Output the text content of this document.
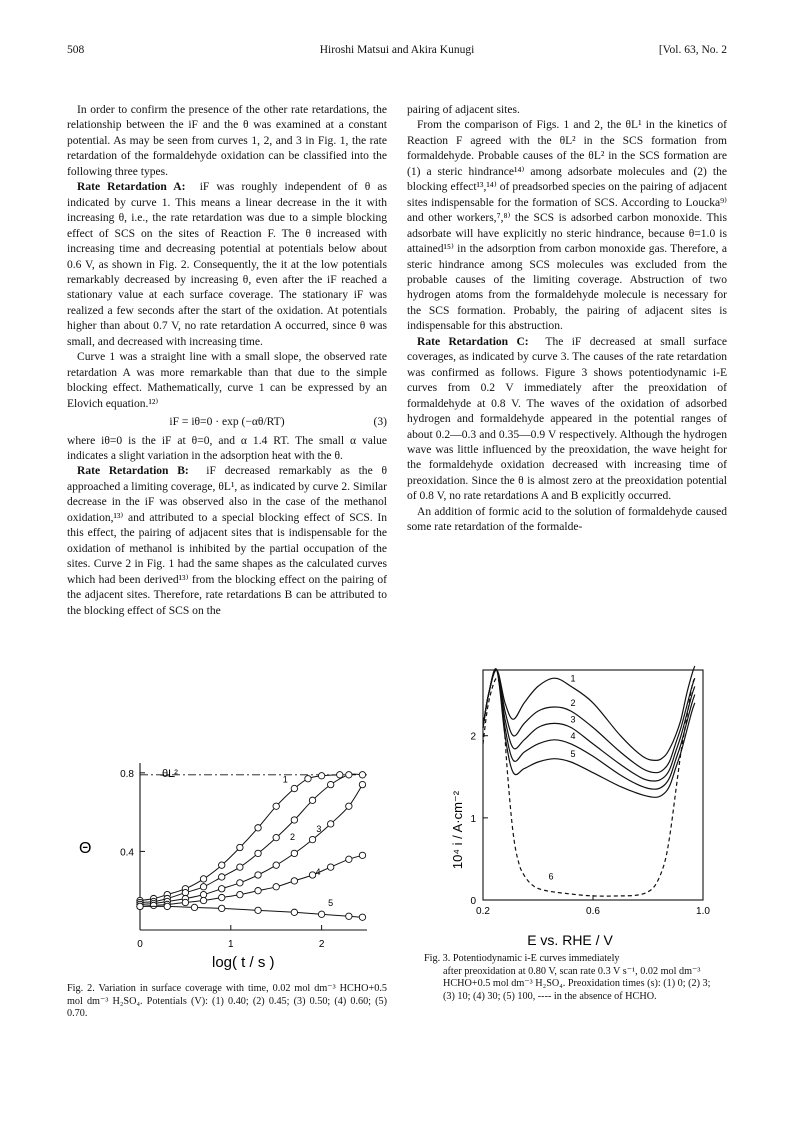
508	Hiroshi Matsui and Akira Kunugi	[Vol. 63, No. 2

In order to confirm the presence of the other rate retardations, the relationship between the iF and the θ was examined at a constant potential. As may be seen from curves 1, 2, and 3 in Fig. 1, the rate retardation of the formaldehyde oxidation can be classified into the following three types.

Rate Retardation A: iF was roughly independent of θ as indicated by curve 1. This means a linear decrease in the it with increasing θ, i.e., the rate retardation was due to a simple blocking effect of SCS on the sites of Reaction F. The θ increased with increasing time and decreasing potential at potentials below about 0.6 V, as shown in Fig. 2. Consequently, the it at the low potentials remarkably decreased by increasing θ, even after the iF reached a stationary value at each surface coverage. The stationary iF was realized a few seconds after the start of the oxidation. At potentials higher than about 0.7 V, no rate retardation A occurred, since θ was small, and decreased with increasing time.

Curve 1 was a straight line with a small slope, the observed rate retardation A was more remarkable than that due to the simple blocking effect. Mathematically, curve 1 can be expressed by an Elovich equation.¹²⁾

iF = iθ=0 · exp (−αθ/RT)	(3)

where iθ=0 is the iF at θ=0, and α 1.4 RT. The small α value indicates a slight variation in the adsorption heat with the θ.

Rate Retardation B: iF decreased remarkably as the θ approached a limiting coverage, θL¹, as indicated by curve 2. Similar decrease in the iF was observed also in the case of the methanol oxidation,¹³⁾ and attributed to a special blocking effect of SCS. In this effect, the pairing of adjacent sites that is indispensable for the oxidation of methanol is inhibited by the partial occupation of the sites. Curve 2 in Fig. 1 had the same shapes as the calculated curves which had been derived¹³⁾ from the blocking effect on the pairing of the adjacent sites. Therefore, rate retardations B can be attributed to the blocking effect of SCS on the

pairing of adjacent sites.

From the comparison of Figs. 1 and 2, the θL¹ in the kinetics of Reaction F agreed with the θL² in the SCS formation from formaldehyde. Probable causes of the θL² in the SCS formation are (1) a steric hindrance¹⁴⁾ among adsorbate molecules and (2) the blocking effect¹³,¹⁴⁾ of preadsorbed species on the pairing of adjacent sites indispensable for the formation of SCS. According to Loucka⁹⁾ and other workers,⁷,⁸⁾ the SCS is adsorbed carbon monoxide. This adsorbate will have explicitly no steric hindrance, because θ=1.0 is attained¹⁵⁾ in the adsorption from carbon monoxide gas. Therefore, a steric hindrance among SCS molecules was excluded from the probable causes of the limiting coverage. Abstruction of two hydrogen atoms from the formaldehyde molecule is necessary for the SCS formation. Probably, the pairing of adjacent sites is indispensable for this abstruction.

Rate Retardation C: The iF decreased at small surface coverages, as indicated by curve 3. The causes of the rate retardation was confirmed as follows. Figure 3 shows potentiodynamic i-E curves from 0.2 V immediately after the preoxidation of formaldehyde at 0.8 V. The waves of the oxidation of adsorbed hydrogen and formaldehyde appeared in the potential ranges of about 0.2—0.3 and 0.35—0.9 V respectively. Although the hydrogen wave was little influenced by the preoxidation, the wave height for the formaldehyde oxidation decreased with increasing time of preoxidation. Since the θ is almost zero at the preoxidation potential of 0.8 V, no rate retardations A and B explicitly occurred.

An addition of formic acid to the solution of formaldehyde caused some rate retardation of the formalde-

0.4
0.8
0	1	2
1
2
3
4
5
Θ
θL²
log( t / s )
Fig. 2. Variation in surface coverage with time, 0.02 mol dm⁻³ HCHO+0.5 mol dm⁻³ H₂SO₄. Potentials (V): (1) 0.40; (2) 0.45; (3) 0.50; (4) 0.60; (5) 0.70.
0
1
2
0.2	0.6	1.0
1
2
3
4
5
6
10⁴ i / A·cm⁻²
E vs. RHE / V
Fig. 3. Potentiodynamic i-E curves immediately
after preoxidation at 0.80 V, scan rate 0.3 V s⁻¹, 0.02 mol dm⁻³ HCHO+0.5 mol dm⁻³ H₂SO₄. Preoxidation times (s): (1) 0; (2) 3; (3) 10; (4) 30; (5) 100, ---- in the absence of HCHO.
